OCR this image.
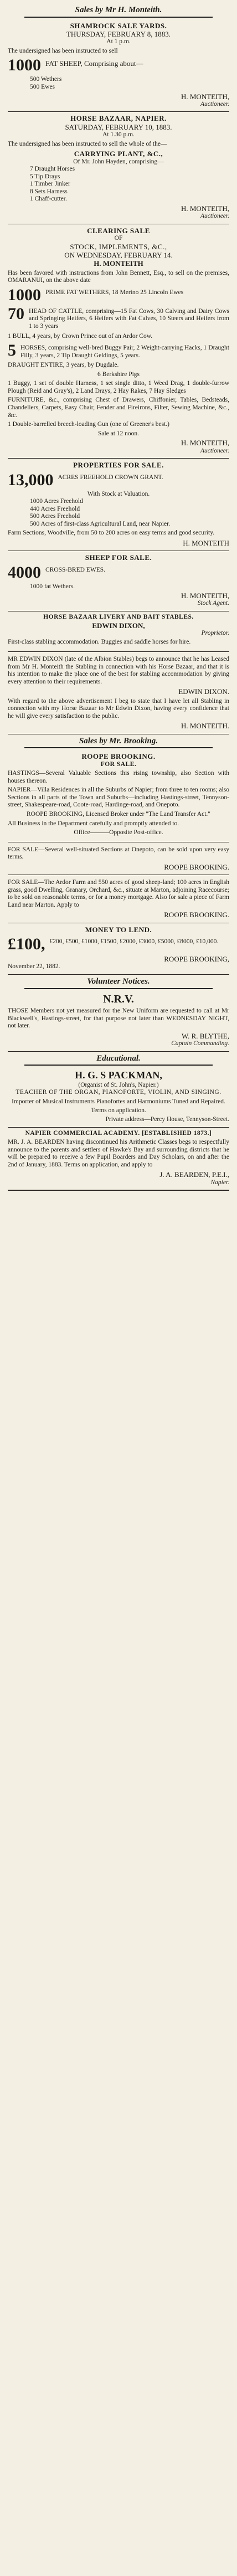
Sales by Mr H. Monteith.
SHAMROCK SALE YARDS.
THURSDAY, FEBRUARY 8, 1883.
At 1 p.m.

The undersigned has been instructed to sell

1000 FAT SHEEP, Comprising about—
500 Wethers
500 Ewes
H. MONTEITH,
Auctioneer.
HORSE BAZAAR, NAPIER.
SATURDAY, FEBRUARY 10, 1883.
At 1.30 p.m.

The undersigned has been instructed to sell the whole of the—

CARRYING PLANT, &C.,
Of Mr. John Hayden, comprising—
7 Draught Horses
5 Tip Drays
1 Timber Jinker
8 Sets Harness
1 Chaff-cutter.
H. MONTEITH,
Auctioneer.
CLEARING SALE
OF
STOCK, IMPLEMENTS, &C.,
ON WEDNESDAY, FEBRUARY 14.
H. MONTEITH

Has been favored with instructions from John Bennett, Esq., to sell on the premises, OMARANUI, on the above date

1000 PRIME FAT WETHERS, 18 Merino 25 Lincoln Ewes
70 HEAD OF CATTLE, comprising—15 Fat Cows, 30 Calving and Dairy Cows and Springing Heifers, 6 Heifers with Fat Calves, 10 Steers and Heifers from 1 to 3 years

1 BULL, 4 years, by Crown Prince out of an Ardor Cow.

5 HORSES, comprising well-bred Buggy Pair, 2 Weight-carrying Hacks, 1 Draught Filly, 3 years, 2 Tip Draught Geldings, 5 years.

DRAUGHT ENTIRE, 3 years, by Dugdale.

6 Berkshire Pigs

1 Buggy, 1 set of double Harness, 1 set single ditto, 1 Weed Drag, 1 double-furrow Plough (Reid and Gray's), 2 Land Drays, 2 Hay Rakes, 7 Hay Sledges

FURNITURE, &c., comprising Chest of Drawers, Chiffonier, Tables, Bedsteads, Chandeliers, Carpets, Easy Chair, Fender and Fireirons, Filter, Sewing Machine, &c., &c.

1 Double-barrelled breech-loading Gun (one of Greener's best.)

Sale at 12 noon.
H. MONTEITH,
Auctioneer.
PROPERTIES FOR SALE.
13,000 ACRES FREEHOLD CROWN GRANT.
With Stock at Valuation.
1000 Acres Freehold
440 Acres Freehold
500 Acres Freehold
500 Acres of first-class Agricultural Land, near Napier.

Farm Sections, Woodville, from 50 to 200 acres on easy terms and good security.

H. MONTEITH
SHEEP FOR SALE.
4000 CROSS-BRED EWES.
1000 fat Wethers.
H. MONTEITH,
Stock Agent.
HORSE BAZAAR LIVERY AND BAIT STABLES.
EDWIN DIXON,
Proprietor.

First-class stabling accommodation. Buggies and saddle horses for hire.

MR EDWIN DIXON (late of the Albion Stables) begs to announce that he has Leased from Mr H. Monteith the Stabling in connection with his Horse Bazaar, and that it is his intention to make the place one of the best for stabling accommodation by giving every attention to their requirements.

EDWIN DIXON.

With regard to the above advertisement I beg to state that I have let all Stabling in connection with my Horse Bazaar to Mr Edwin Dixon, having every confidence that he will give every satisfaction to the public.

H. MONTEITH.
Sales by Mr. Brooking.
ROOPE BROOKING.
FOR SALE.

HASTINGS—Several Valuable Sections this rising township, also Section with houses thereon.

NAPIER—Villa Residences in all the Suburbs of Napier; from three to ten rooms; also Sections in all parts of the Town and Suburbs—including Hastings-street, Tennyson-street, Shakespeare-road, Coote-road, Hardinge-road, and Onepoto.

ROOPE BROOKING, Licensed Broker under "The Land Transfer Act."

All Business in the Department carefully and promptly attended to.

Office———Opposite Post-office.

FOR SALE—Several well-situated Sections at Onepoto, can be sold upon very easy terms.

ROOPE BROOKING.

FOR SALE—The Ardor Farm and 550 acres of good sheep-land; 100 acres in English grass, good Dwelling, Granary, Orchard, &c., situate at Marton, adjoining Racecourse; to be sold on reasonable terms, or for a money mortgage. Also for sale a piece of Farm Land near Marton. Apply to

ROOPE BROOKING.
MONEY TO LEND.
£100, £200, £500, £1000, £1500, £2000, £3000, £5000, £8000, £10,000.
ROOPE BROOKING,
November 22, 1882.
Volunteer Notices.
N.R.V.

THOSE Members not yet measured for the New Uniform are requested to call at Mr Blackwell's, Hastings-street, for that purpose not later than WEDNESDAY NIGHT, not later.

W. R. BLYTHE,
Captain Commanding.
Educational.
H. G. S PACKMAN,
(Organist of St. John's, Napier.)
TEACHER OF THE ORGAN, PIANOFORTE, VIOLIN, AND SINGING.

Importer of Musical Instruments Pianofortes and Harmoniums Tuned and Repaired.

Terms on application.
Private address—Percy House, Tennyson-Street.
NAPIER COMMERCIAL ACADEMY. [ESTABLISHED 1873.]

MR. J. A. BEARDEN having discontinued his Arithmetic Classes begs to respectfully announce to the parents and settlers of Hawke's Bay and surrounding districts that he will be prepared to receive a few Pupil Boarders and Day Scholars, on and after the 2nd of January, 1883. Terms on application, and apply to

J. A. BEARDEN, P.E.I.,
Napier.
